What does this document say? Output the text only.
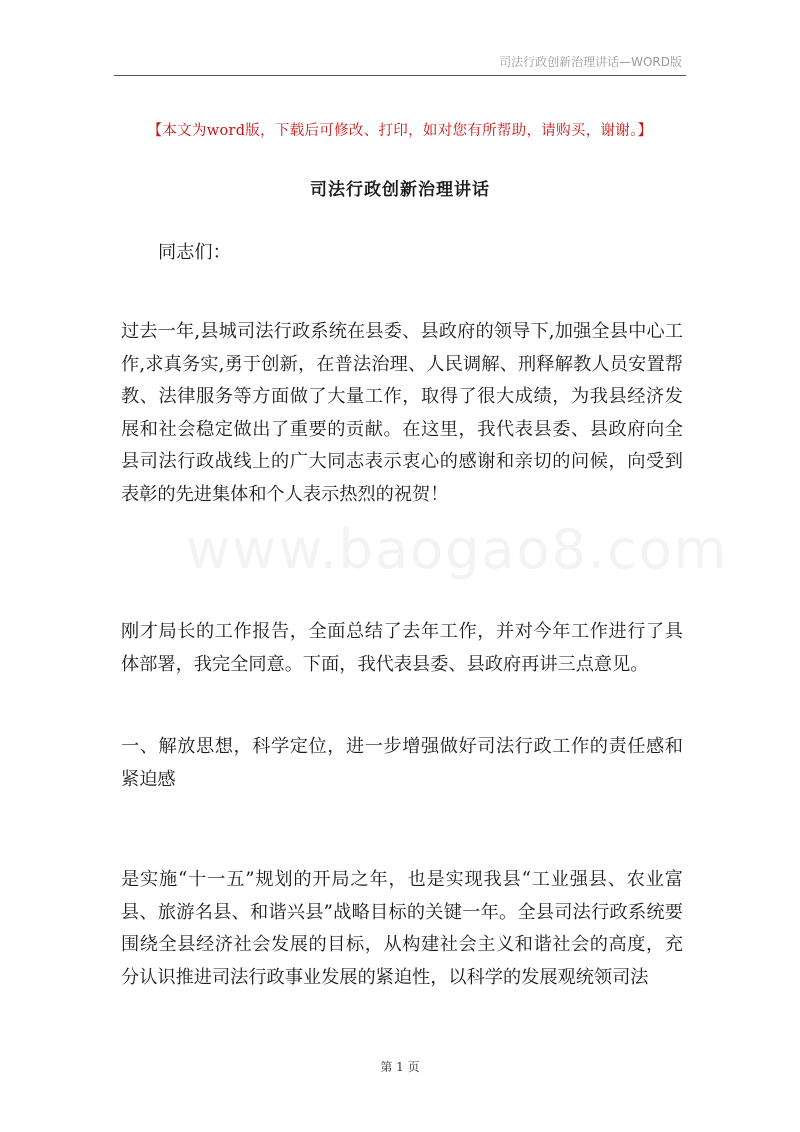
司法行政创新治理讲话—WORD版
【本文为word版，下载后可修改、打印，如对您有所帮助，请购买，谢谢。】
司法行政创新治理讲话

同志们：

过去一年,县城司法行政系统在县委、县政府的领导下,加强全县中心工作,求真务实,勇于创新，在普法治理、人民调解、刑释解教人员安置帮教、法律服务等方面做了大量工作，取得了很大成绩，为我县经济发展和社会稳定做出了重要的贡献。在这里，我代表县委、县政府向全县司法行政战线上的广大同志表示衷心的感谢和亲切的问候，向受到表彰的先进集体和个人表示热烈的祝贺！

www.baogao8.com

刚才局长的工作报告，全面总结了去年工作，并对今年工作进行了具体部署，我完全同意。下面，我代表县委、县政府再讲三点意见。

一、解放思想，科学定位，进一步增强做好司法行政工作的责任感和紧迫感

是实施“十一五”规划的开局之年，也是实现我县“工业强县、农业富县、旅游名县、和谐兴县”战略目标的关键一年。全县司法行政系统要围绕全县经济社会发展的目标，从构建社会主义和谐社会的高度，充分认识推进司法行政事业发展的紧迫性，以科学的发展观统领司法

第 1 页
